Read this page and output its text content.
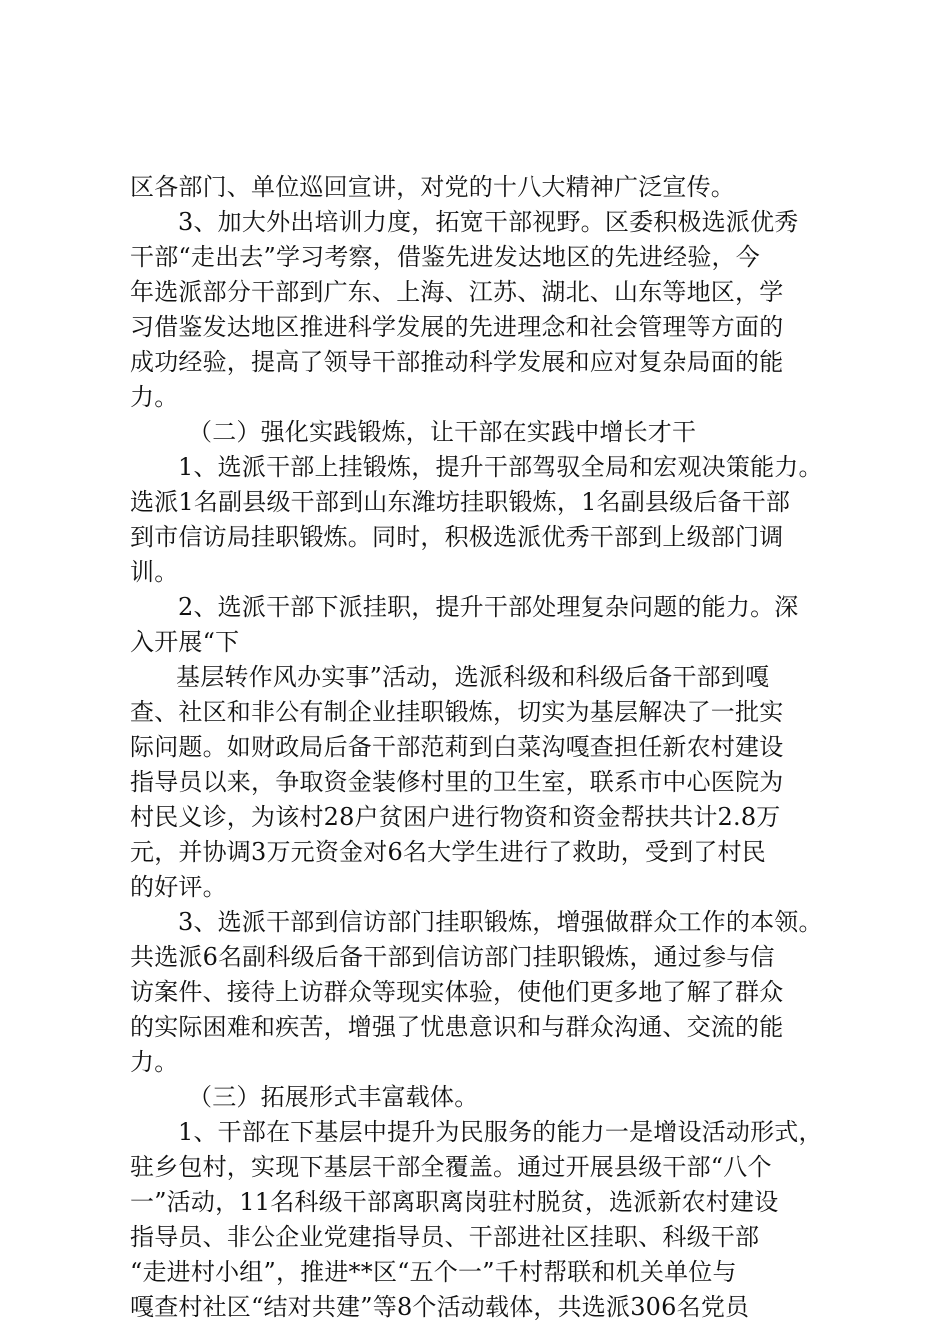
区各部门、单位巡回宣讲，对党的十八大精神广泛宣传。
3、加大外出培训力度，拓宽干部视野。区委积极选派优秀
干部“走出去”学习考察，借鉴先进发达地区的先进经验，今
年选派部分干部到广东、上海、江苏、湖北、山东等地区，学
习借鉴发达地区推进科学发展的先进理念和社会管理等方面的
成功经验，提高了领导干部推动科学发展和应对复杂局面的能
力。
（二）强化实践锻炼，让干部在实践中增长才干
1、选派干部上挂锻炼，提升干部驾驭全局和宏观决策能力。
选派1名副县级干部到山东潍坊挂职锻炼，1名副县级后备干部
到市信访局挂职锻炼。同时，积极选派优秀干部到上级部门调
训。
2、选派干部下派挂职，提升干部处理复杂问题的能力。深
入开展“下
基层转作风办实事”活动，选派科级和科级后备干部到嘎
查、社区和非公有制企业挂职锻炼，切实为基层解决了一批实
际问题。如财政局后备干部范莉到白菜沟嘎查担任新农村建设
指导员以来，争取资金装修村里的卫生室，联系市中心医院为
村民义诊，为该村28户贫困户进行物资和资金帮扶共计2.8万
元，并协调3万元资金对6名大学生进行了救助，受到了村民
的好评。
3、选派干部到信访部门挂职锻炼，增强做群众工作的本领。
共选派6名副科级后备干部到信访部门挂职锻炼，通过参与信
访案件、接待上访群众等现实体验，使他们更多地了解了群众
的实际困难和疾苦，增强了忧患意识和与群众沟通、交流的能
力。
（三）拓展形式丰富载体。
1、干部在下基层中提升为民服务的能力一是增设活动形式，
驻乡包村，实现下基层干部全覆盖。通过开展县级干部“八个
一”活动，11名科级干部离职离岗驻村脱贫，选派新农村建设
指导员、非公企业党建指导员、干部进社区挂职、科级干部
“走进村小组”，推进**区“五个一”千村帮联和机关单位与
嘎查村社区“结对共建”等8个活动载体，共选派306名党员
